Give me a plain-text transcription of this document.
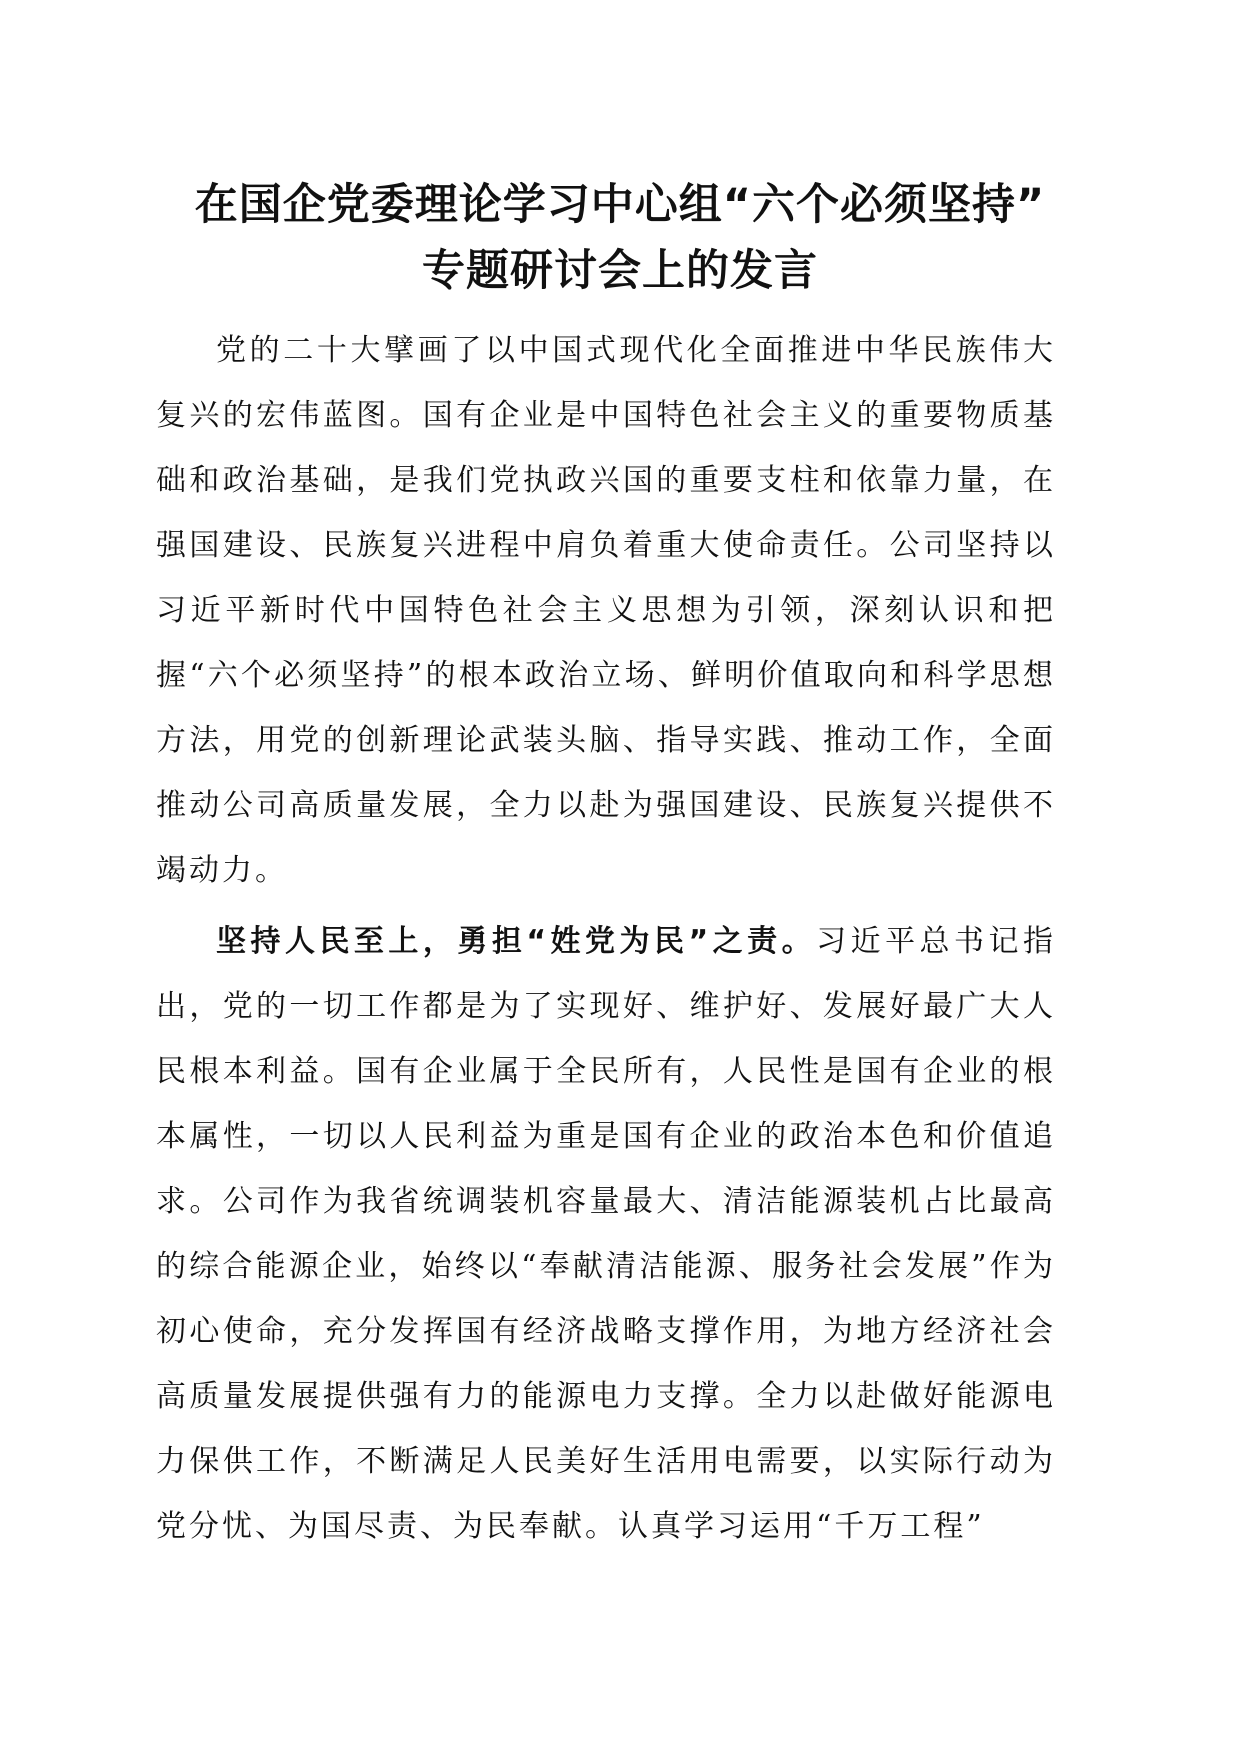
在国企党委理论学习中心组“六个必须坚持”
专题研讨会上的发言

党的二十大擘画了以中国式现代化全面推进中华民族伟大复兴的宏伟蓝图。国有企业是中国特色社会主义的重要物质基础和政治基础，是我们党执政兴国的重要支柱和依靠力量，在强国建设、民族复兴进程中肩负着重大使命责任。公司坚持以习近平新时代中国特色社会主义思想为引领，深刻认识和把握“六个必须坚持”的根本政治立场、鲜明价值取向和科学思想方法，用党的创新理论武装头脑、指导实践、推动工作，全面推动公司高质量发展，全力以赴为强国建设、民族复兴提供不竭动力。

坚持人民至上，勇担“姓党为民”之责。习近平总书记指出，党的一切工作都是为了实现好、维护好、发展好最广大人民根本利益。国有企业属于全民所有，人民性是国有企业的根本属性，一切以人民利益为重是国有企业的政治本色和价值追求。公司作为我省统调装机容量最大、清洁能源装机占比最高的综合能源企业，始终以“奉献清洁能源、服务社会发展”作为初心使命，充分发挥国有经济战略支撑作用，为地方经济社会高质量发展提供强有力的能源电力支撑。全力以赴做好能源电力保供工作，不断满足人民美好生活用电需要，以实际行动为党分忧、为国尽责、为民奉献。认真学习运用“千万工程”
